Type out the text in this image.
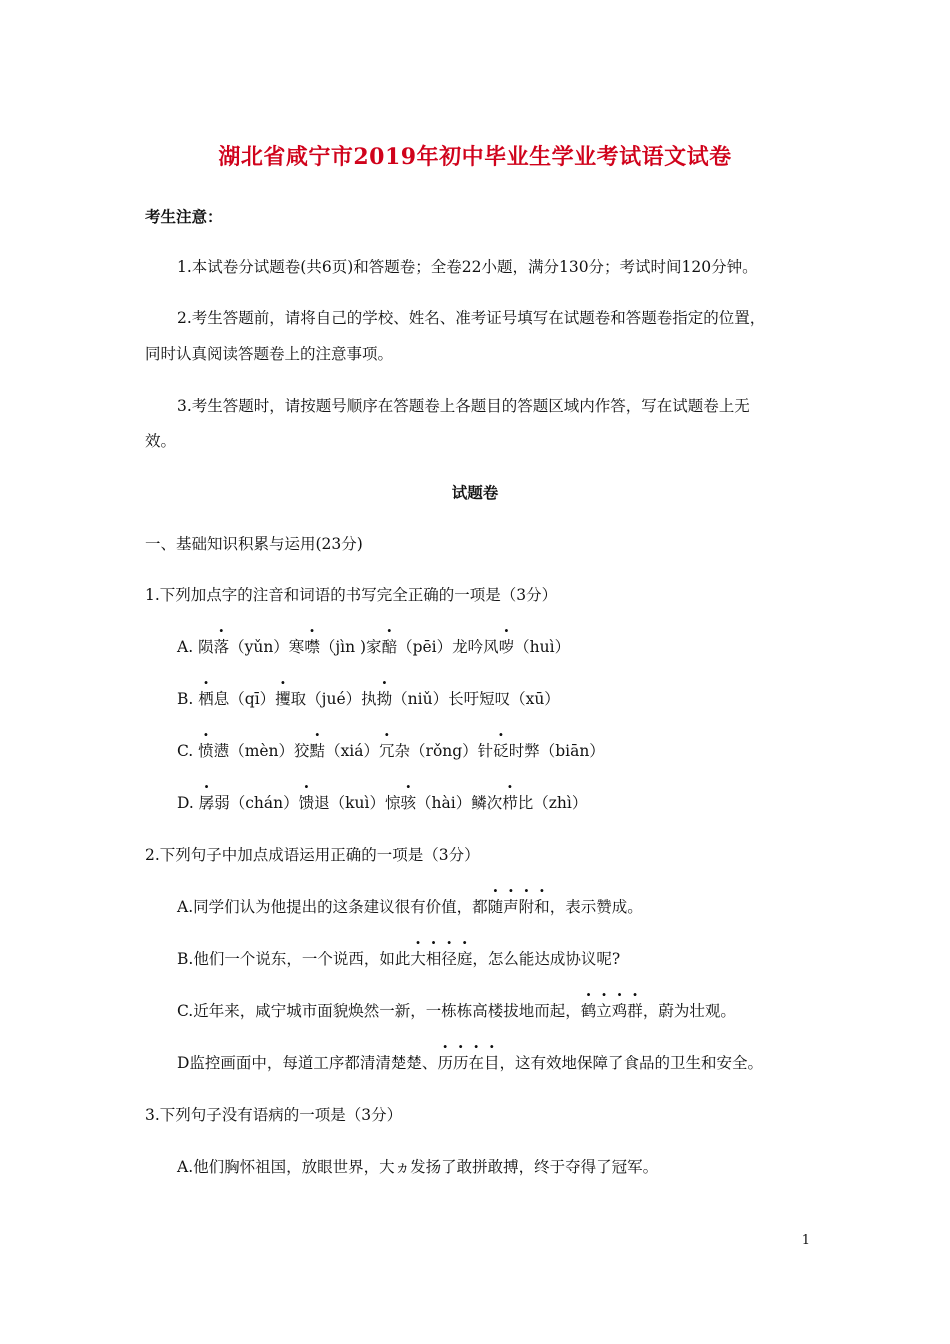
湖北省咸宁市2019年初中毕业生学业考试语文试卷
考生注意：
1.本试卷分试题卷(共6页)和答题卷；全卷22小题，满分130分；考试时间120分钟。
2.考生答题前，请将自己的学校、姓名、准考证号填写在试题卷和答题卷指定的位置，
同时认真阅读答题卷上的注意事项。
3.考生答题时，请按题号顺序在答题卷上各题目的答题区域内作答，写在试题卷上无
效。
试题卷
一、基础知识积累与运用(23分)
1.下列加点字的注音和词语的书写完全正确的一项是（3分）
A. 陨落（yǔn）寒噤（jìn )家醅（pēi）龙吟风哕（huì）
B. 栖息（qī）攫取（jué）执拗（niǔ）长吁短叹（xū）
C. 愤懑（mèn）狡黠（xiá）冗杂（rǒng）针砭时弊（biān）
D. 孱弱（chán）馈退（kuì）惊骇（hài）鳞次栉比（zhì）
2.下列句子中加点成语运用正确的一项是（3分）
A.同学们认为他提出的这条建议很有价值，都随声附和，表示赞成。
B.他们一个说东，一个说西，如此大相径庭，怎么能达成协议呢?
C.近年来，咸宁城市面貌焕然一新，一栋栋高楼拔地而起，鹤立鸡群，蔚为壮观。
D监控画面中，每道工序都清清楚楚、历历在目，这有效地保障了食品的卫生和安全。
3.下列句子没有语病的一项是（3分）
A.他们胸怀祖国，放眼世界，大ヵ发扬了敢拼敢搏，终于夺得了冠军。
1
